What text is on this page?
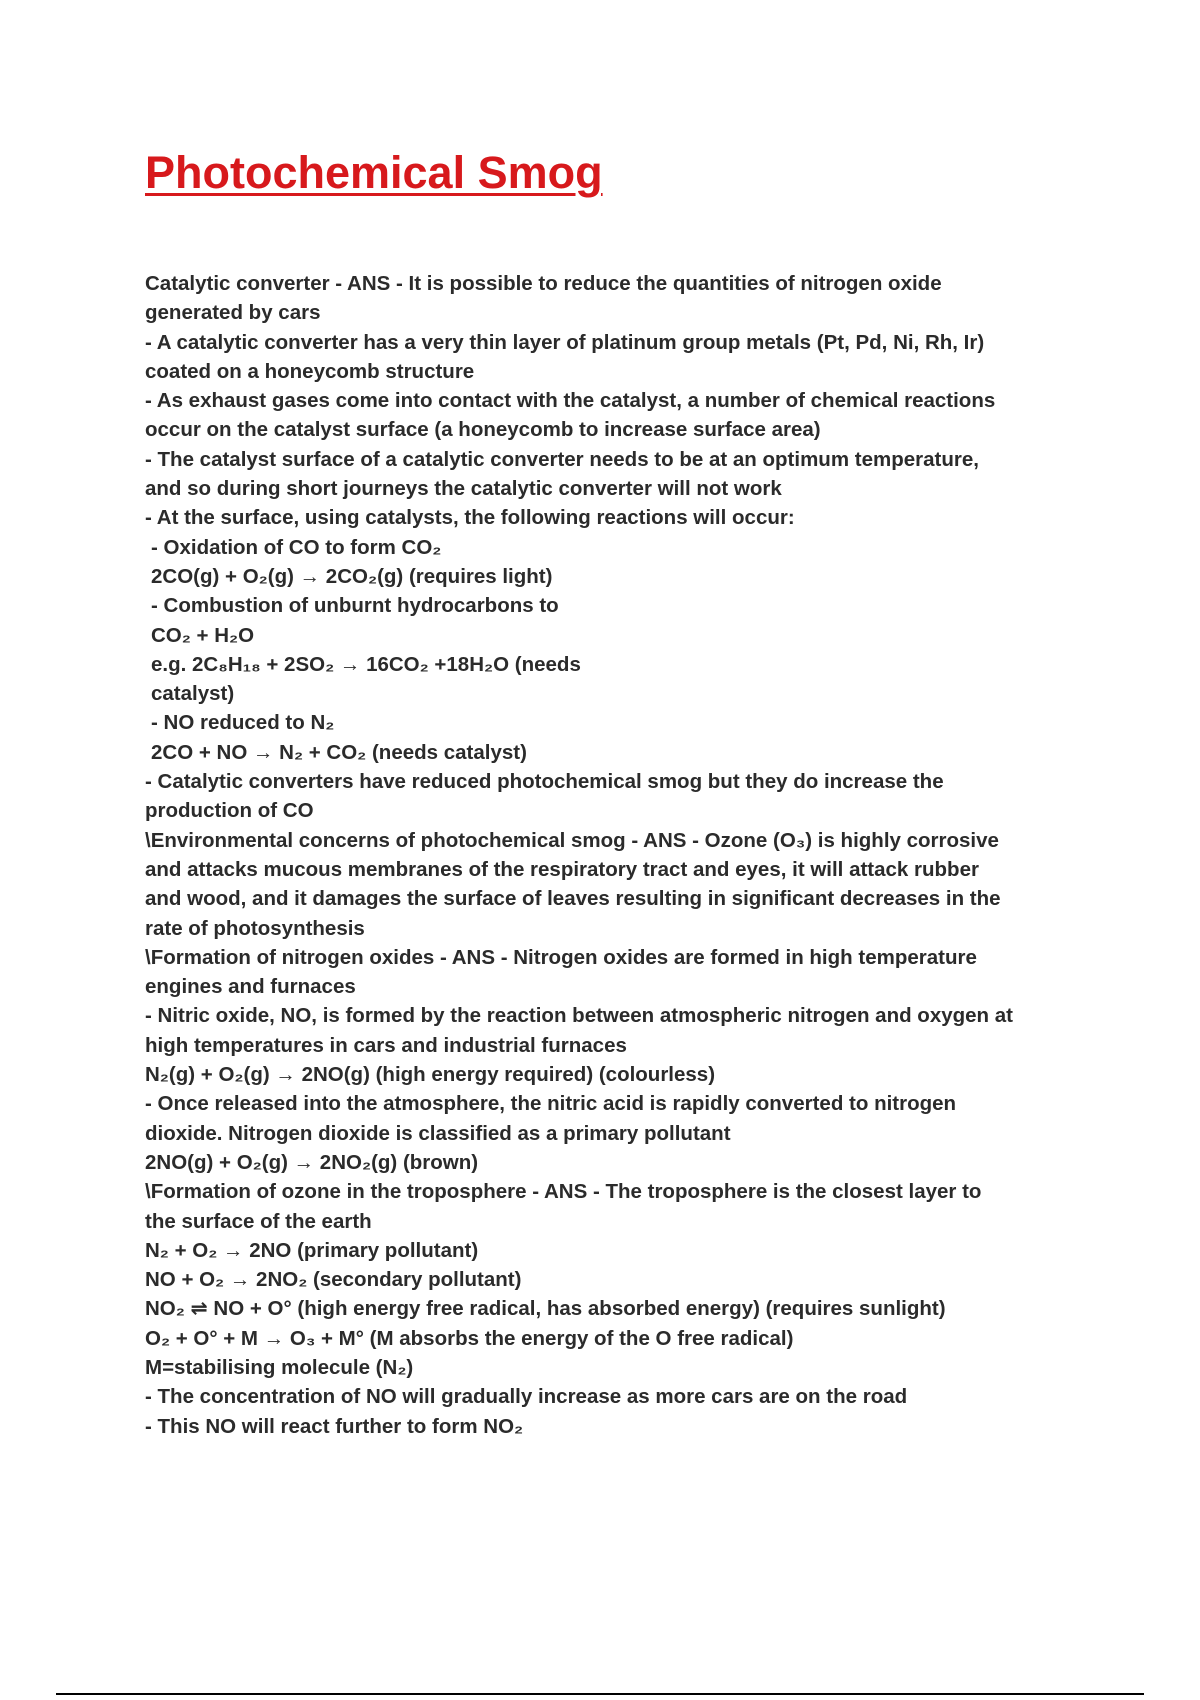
Photochemical Smog
Catalytic converter - ANS - It is possible to reduce the quantities of nitrogen oxide
generated by cars
- A catalytic converter has a very thin layer of platinum group metals (Pt, Pd, Ni, Rh, Ir)
coated on a honeycomb structure
- As exhaust gases come into contact with the catalyst, a number of chemical reactions
occur on the catalyst surface (a honeycomb to increase surface area)
- The catalyst surface of a catalytic converter needs to be at an optimum temperature,
and so during short journeys the catalytic converter will not work
- At the surface, using catalysts, the following reactions will occur:
- Oxidation of CO to form CO₂
2CO(g) + O₂(g) → 2CO₂(g) (requires light)
- Combustion of unburnt hydrocarbons to
CO₂ + H₂O
e.g. 2C₈H₁₈ + 2SO₂ → 16CO₂ +18H₂O (needs
catalyst)
- NO reduced to N₂
2CO + NO → N₂ + CO₂ (needs catalyst)
- Catalytic converters have reduced photochemical smog but they do increase the
production of CO
\Environmental concerns of photochemical smog - ANS - Ozone (O₃) is highly corrosive
and attacks mucous membranes of the respiratory tract and eyes, it will attack rubber
and wood, and it damages the surface of leaves resulting in significant decreases in the
rate of photosynthesis
\Formation of nitrogen oxides - ANS - Nitrogen oxides are formed in high temperature
engines and furnaces
- Nitric oxide, NO, is formed by the reaction between atmospheric nitrogen and oxygen at
high temperatures in cars and industrial furnaces
N₂(g) + O₂(g) → 2NO(g) (high energy required) (colourless)
- Once released into the atmosphere, the nitric acid is rapidly converted to nitrogen
dioxide. Nitrogen dioxide is classified as a primary pollutant
2NO(g) + O₂(g) → 2NO₂(g) (brown)
\Formation of ozone in the troposphere - ANS - The troposphere is the closest layer to
the surface of the earth
N₂ + O₂ → 2NO (primary pollutant)
NO + O₂ → 2NO₂ (secondary pollutant)
NO₂ ⇌ NO + O° (high energy free radical, has absorbed energy) (requires sunlight)
O₂ + O° + M → O₃ + M° (M absorbs the energy of the O free radical)
M=stabilising molecule (N₂)
- The concentration of NO will gradually increase as more cars are on the road
- This NO will react further to form NO₂
